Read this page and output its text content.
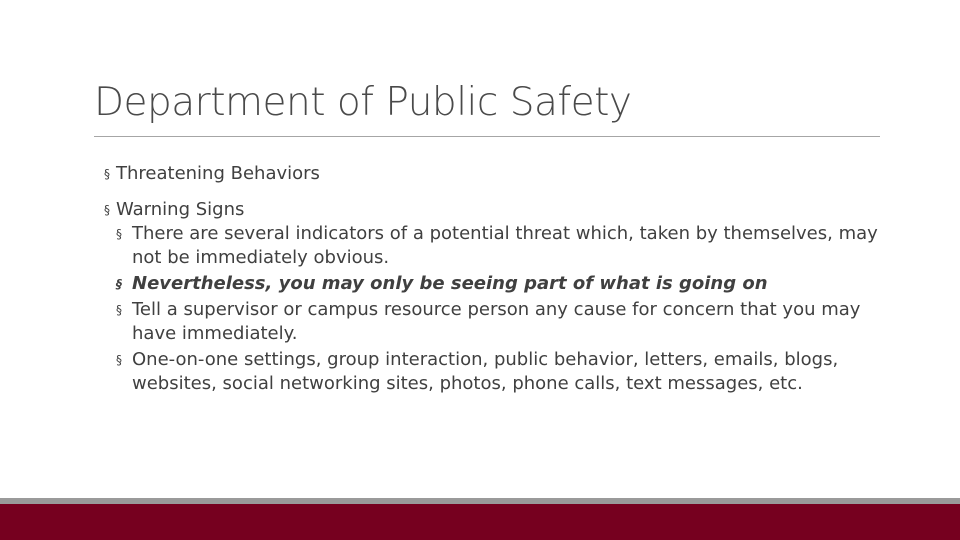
Department of Public Safety
§ Threatening Behaviors
§ Warning Signs
§ There are several indicators of a potential threat which, taken by themselves, may not be immediately obvious.
§ Nevertheless, you may only be seeing part of what is going on
§ Tell a supervisor or campus resource person any cause for concern that you may have immediately.
§ One-on-one settings, group interaction, public behavior, letters, emails, blogs, websites, social networking sites, photos, phone calls, text messages, etc.
